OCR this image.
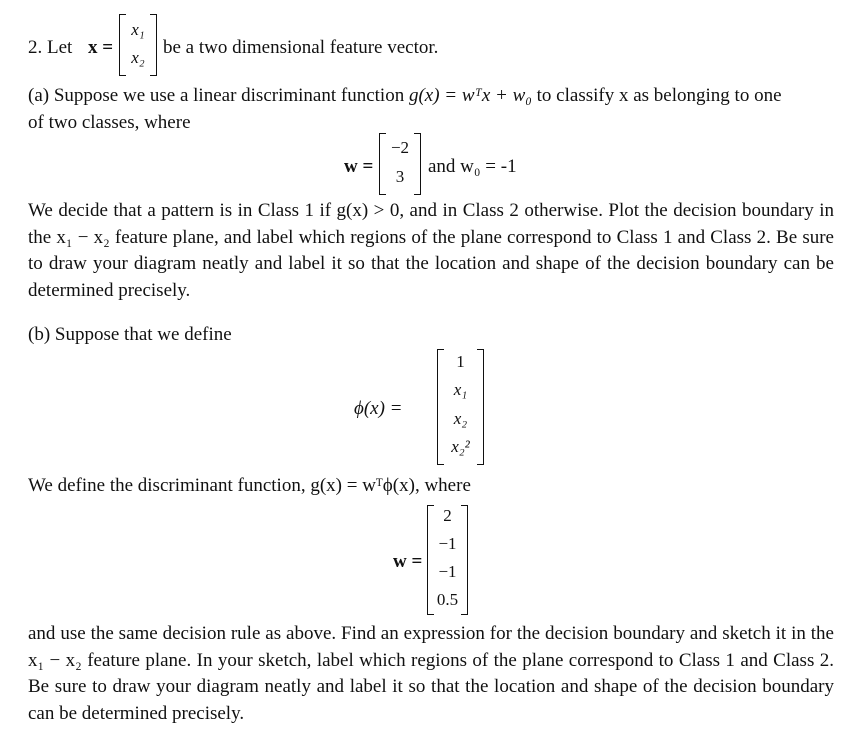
2. Let x =
x₁
x₂ be a two dimensional feature vector.
(a) Suppose we use a linear discriminant function g(x) = wᵀx + w₀ to classify x as belonging to one
of two classes, where
w =
−2
3	and w₀ = -1
We decide that a pattern is in Class 1 if g(x) > 0, and in Class 2 otherwise. Plot the decision boundary in the x₁ − x₂ feature plane, and label which regions of the plane correspond to Class 1 and Class 2. Be sure to draw your diagram neatly and label it so that the location and shape of the decision boundary can be determined precisely.
(b) Suppose that we define
ϕ(x) =
1
x₁
x₂
x₂²
We define the discriminant function, g(x) = wᵀϕ(x), where
w =
2
−1
−1
0.5
and use the same decision rule as above. Find an expression for the decision boundary and sketch it in the x₁ − x₂ feature plane. In your sketch, label which regions of the plane correspond to Class 1 and Class 2. Be sure to draw your diagram neatly and label it so that the location and shape of the decision boundary can be determined precisely.
